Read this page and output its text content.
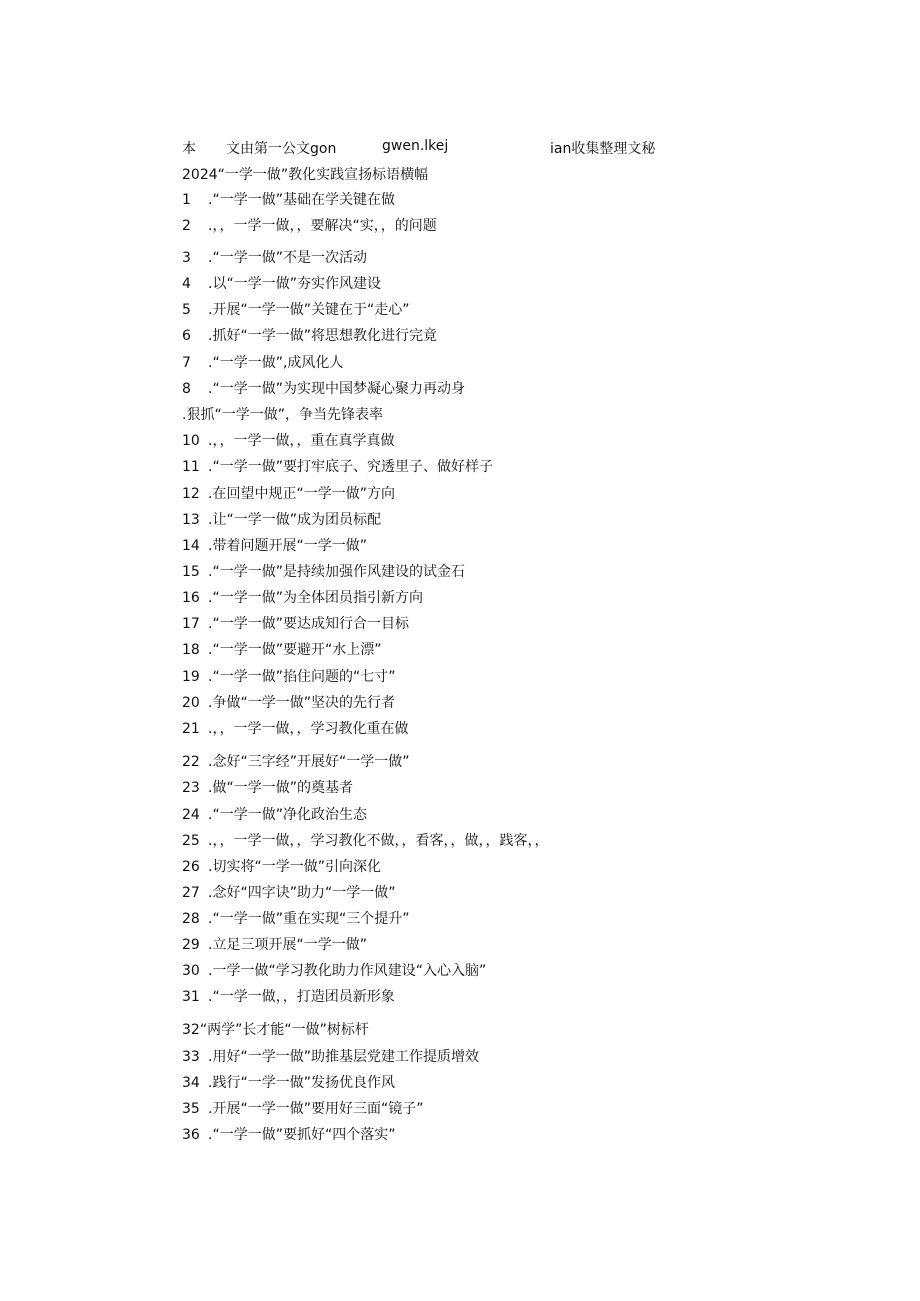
本

文由第一公文gon

	gwen.lkej

	ian收集整理文秘

2024“一学一做”教化实践宣扬标语横幅
1 .“一学一做”基础在学关键在做
2 .，，一学一做，，要解决“实，，的问题
3 .“一学一做”不是一次活动
4 .以“一学一做”夯实作风建设
5 .开展“一学一做”关键在于“走心”
6 .抓好“一学一做”将思想教化进行完竟
7 .“一学一做”,成风化人
8 .“一学一做”为实现中国梦凝心聚力再动身
.狠抓“一学一做”，争当先锋表率
10 .，，一学一做，，重在真学真做
11 .“一学一做”要打牢底子、究透里子、做好样子
12 .在回望中规正“一学一做”方向
13 .让“一学一做”成为团员标配
14 .带着问题开展“一学一做”
15 .“一学一做”是持续加强作风建设的试金石
16 .“一学一做”为全体团员指引新方向
17 .“一学一做”要达成知行合一目标
18 .“一学一做”要避开“水上漂”
19 .“一学一做”掐住问题的“七寸”
20 .争做“一学一做”坚决的先行者
21 .，，一学一做，，学习教化重在做
22 .念好“三字经”开展好“一学一做”
23 .做“一学一做”的奠基者
24 .“一学一做”净化政治生态
25 .，，一学一做，，学习教化不做，，看客，，做，，践客，，
26 .切实将“一学一做”引向深化
27 .念好“四字诀”助力“一学一做”
28 .“一学一做”重在实现“三个提升”
29 .立足三项开展“一学一做”
30 .一学一做“学习教化助力作风建设“入心入脑”
31 .“一学一做，，打造团员新形象
32“两学”长才能“一做”树标杆
33 .用好“一学一做”助推基层党建工作提质增效
34 .践行“一学一做”发扬优良作风
35 .开展“一学一做”要用好三面“镜子”
36 .“一学一做”要抓好“四个落实”
